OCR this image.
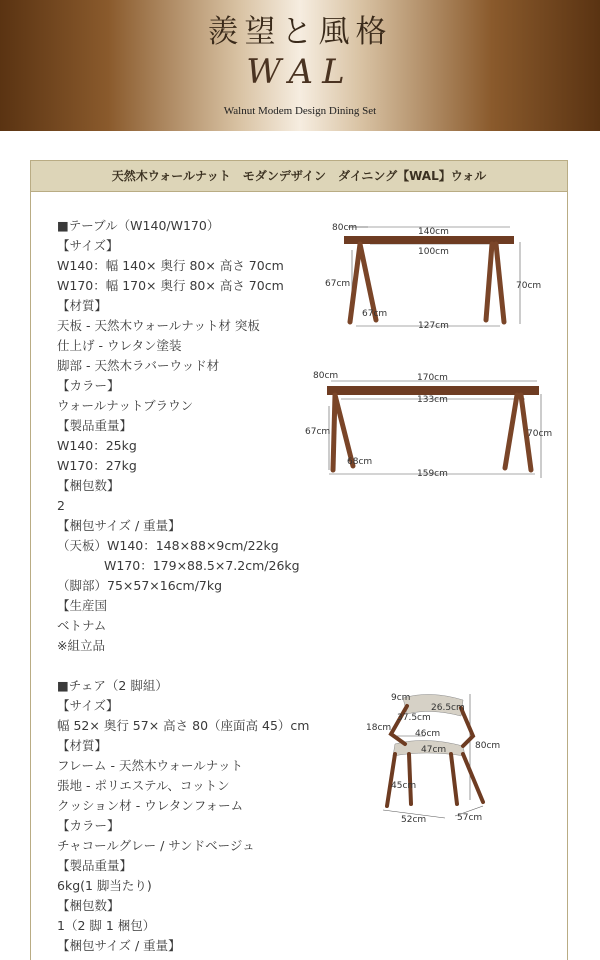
羨望と風格
WAL
Walnut Modem Design Dining Set
天然木ウォールナット　モダンデザイン　ダイニング【WAL】ウォル
■テーブル（W140/W170）
【サイズ】
W140：幅 140× 奥行 80× 高さ 70cm
W170：幅 170× 奥行 80× 高さ 70cm
【材質】
天板 - 天然木ウォールナット材 突板
仕上げ - ウレタン塗装
脚部 - 天然木ラバーウッド材
【カラー】
ウォールナットブラウン
【製品重量】
W140：25kg
W170：27kg
【梱包数】
2
【梱包サイズ / 重量】
（天板）W140：148×88×9cm/22kg
W170：179×88.5×7.2cm/26kg
（脚部）75×57×16cm/7kg
【生産国
ベトナム
※組立品
■チェア（2 脚組）
【サイズ】
幅 52× 奥行 57× 高さ 80（座面高 45）cm
【材質】
フレーム - 天然木ウォールナット
張地 - ポリエステル、コットン
クッション材 - ウレタンフォーム
【カラー】
チャコールグレー / サンドベージュ
【製品重量】
6kg(1 脚当たり)
【梱包数】
1（2 脚 1 梱包）
【梱包サイズ / 重量】
80cm	140cm
100cm
67cm	70cm
67cm
127cm
80cm	170cm
133cm
67cm	70cm
68cm
159cm
9cm
26.5cm
18cm
37.5cm
46cm
47cm	80cm
45cm
52cm	57cm
